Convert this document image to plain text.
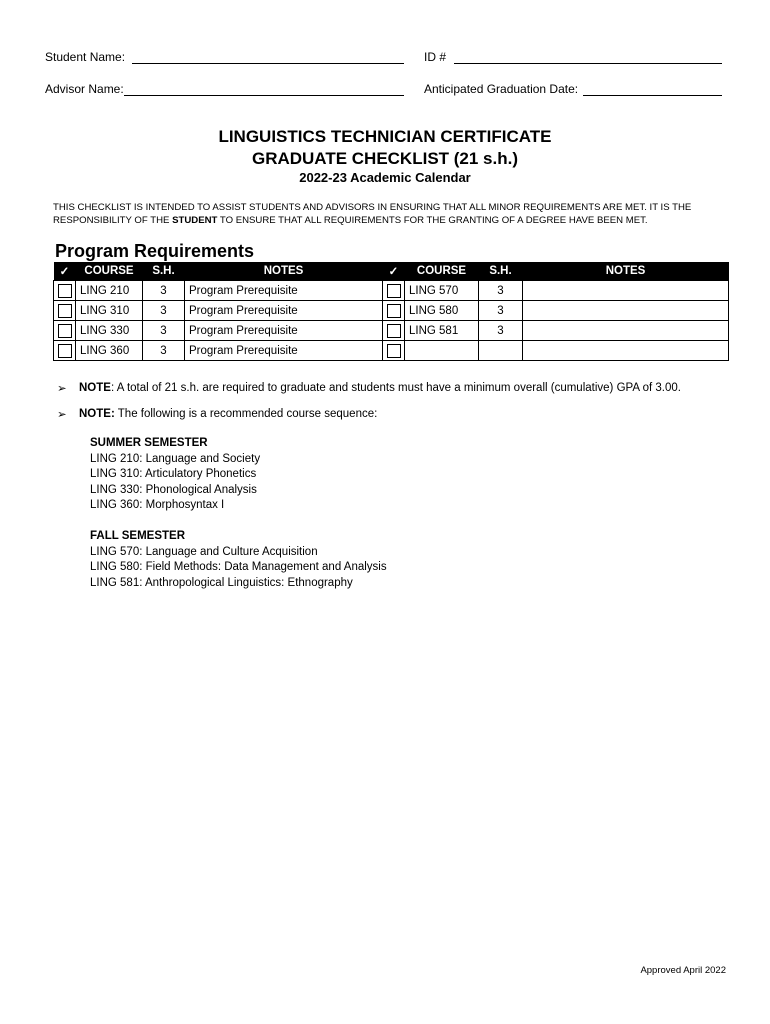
Student Name:	ID #
Advisor Name:	Anticipated Graduation Date:
LINGUISTICS TECHNICIAN CERTIFICATE
GRADUATE CHECKLIST (21 s.h.)
2022-23 Academic Calendar
THIS CHECKLIST IS INTENDED TO ASSIST STUDENTS AND ADVISORS IN ENSURING THAT ALL MINOR REQUIREMENTS ARE MET. IT IS THE RESPONSIBILITY OF THE STUDENT TO ENSURE THAT ALL REQUIREMENTS FOR THE GRANTING OF A DEGREE HAVE BEEN MET.
Program Requirements
✓	COURSE	S.H.	NOTES	✓	COURSE	S.H.	NOTES
	LING 210	3	Program Prerequisite		LING 570	3	
	LING 310	3	Program Prerequisite		LING 580	3	
	LING 330	3	Program Prerequisite		LING 581	3	
	LING 360	3	Program Prerequisite				
➢ NOTE: A total of 21 s.h. are required to graduate and students must have a minimum overall (cumulative) GPA of 3.00.
➢ NOTE: The following is a recommended course sequence:
SUMMER SEMESTER
LING 210: Language and Society
LING 310: Articulatory Phonetics
LING 330: Phonological Analysis
LING 360: Morphosyntax I
FALL SEMESTER
LING 570: Language and Culture Acquisition
LING 580: Field Methods: Data Management and Analysis
LING 581: Anthropological Linguistics: Ethnography
Approved April 2022
